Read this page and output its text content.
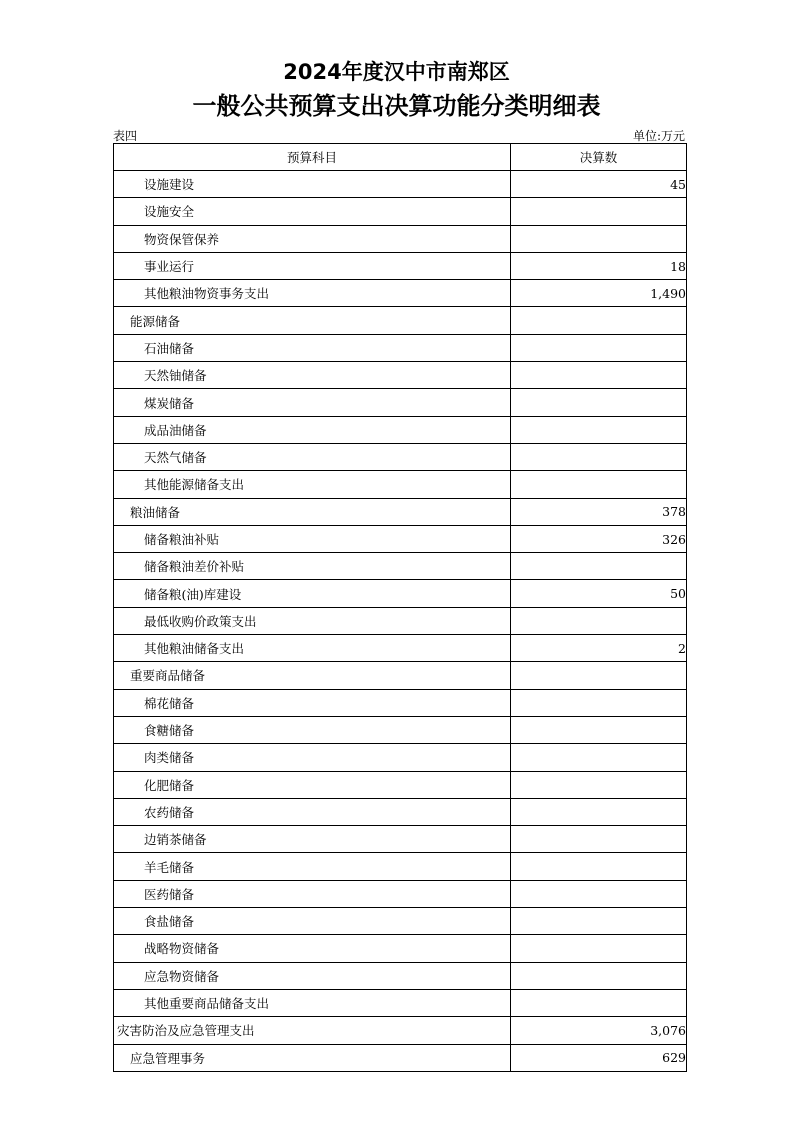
2024年度汉中市南郑区
一般公共预算支出决算功能分类明细表
表四	单位:万元
预算科目	决算数
设施建设	45
设施安全	
物资保管保养	
事业运行	18
其他粮油物资事务支出	1,490
能源储备	
石油储备	
天然铀储备	
煤炭储备	
成品油储备	
天然气储备	
其他能源储备支出	
粮油储备	378
储备粮油补贴	326
储备粮油差价补贴	
储备粮(油)库建设	50
最低收购价政策支出	
其他粮油储备支出	2
重要商品储备	
棉花储备	
食糖储备	
肉类储备	
化肥储备	
农药储备	
边销茶储备	
羊毛储备	
医药储备	
食盐储备	
战略物资储备	
应急物资储备	
其他重要商品储备支出	
灾害防治及应急管理支出	3,076
应急管理事务	629
